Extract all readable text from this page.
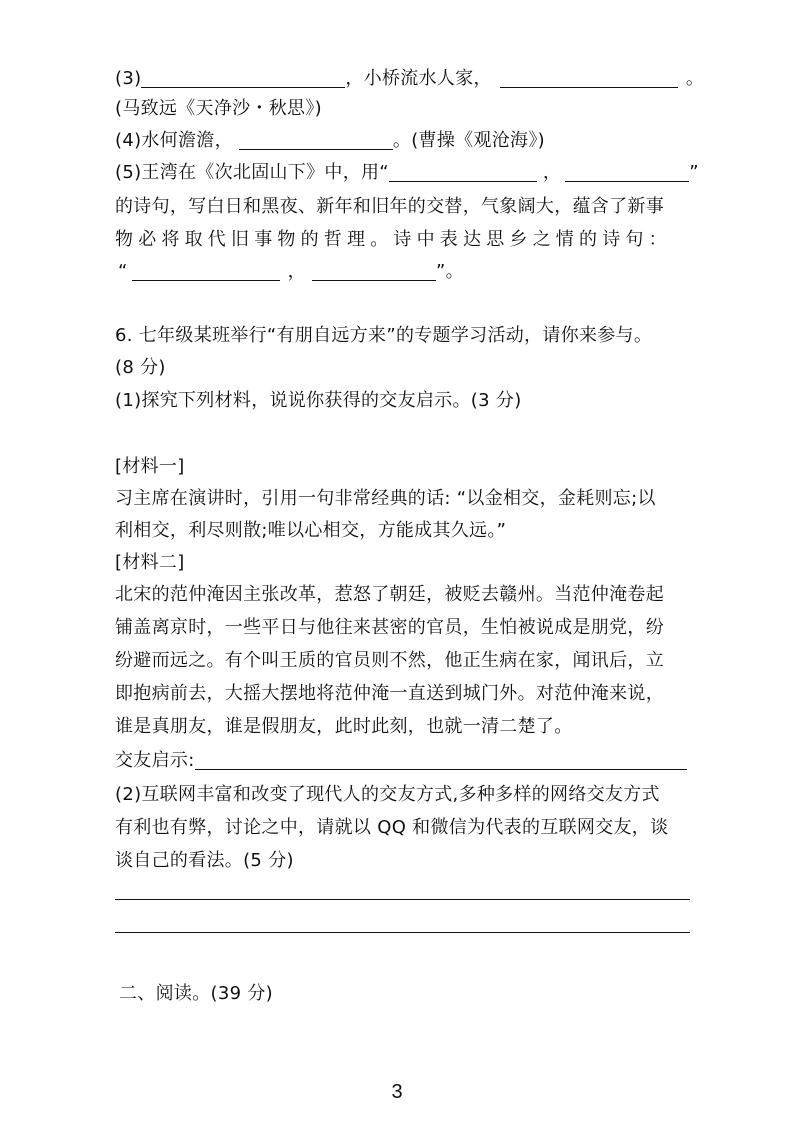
(3)	，小桥流水人家，	。
(马致远《天净沙・秋思》)
(4)水何澹澹，	。(曹操《观沧海》)
(5)王湾在《次北固山下》中，用“	，	”
的诗句，写白日和黑夜、新年和旧年的交替，气象阔大，蕴含了新事
物必将取代旧事物的哲理。诗中表达思乡之情的诗句：
“	，	”。
6. 七年级某班举行“有朋自远方来”的专题学习活动，请你来参与。
(8 分)
(1)探究下列材料，说说你获得的交友启示。(3 分)
[材料一]
习主席在演讲时，引用一句非常经典的话: “以金相交，金耗则忘;以
利相交，利尽则散;唯以心相交，方能成其久远。”
[材料二]
北宋的范仲淹因主张改革，惹怒了朝廷，被贬去赣州。当范仲淹卷起
铺盖离京时，一些平日与他往来甚密的官员，生怕被说成是朋党，纷
纷避而远之。有个叫王质的官员则不然，他正生病在家，闻讯后，立
即抱病前去，大摇大摆地将范仲淹一直送到城门外。对范仲淹来说，
谁是真朋友，谁是假朋友，此时此刻，也就一清二楚了。
交友启示:
(2)互联网丰富和改变了现代人的交友方式,多种多样的网络交友方式
有利也有弊，讨论之中，请就以 QQ 和微信为代表的互联网交友，谈
谈自己的看法。(5 分)
二、阅读。(39 分)
3
